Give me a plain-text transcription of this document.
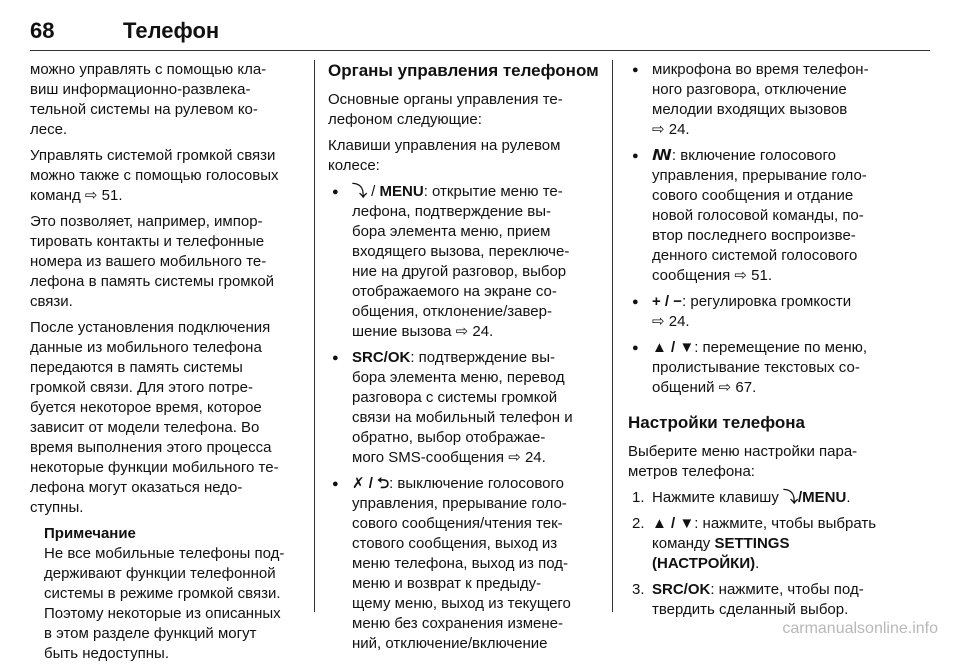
68	Телефон

можно управлять с помощью кла-
виш информационно-развлека-
тельной системы на рулевом ко-
лесе.

Управлять системой громкой связи
можно также с помощью голосовых
команд ⇨ 51.

Это позволяет, например, импор-
тировать контакты и телефонные
номера из вашего мобильного те-
лефона в память системы громкой
связи.

После установления подключения
данные из мобильного телефона
передаются в память системы
громкой связи. Для этого потре-
буется некоторое время, которое
зависит от модели телефона. Во
время выполнения этого процесса
некоторые функции мобильного те-
лефона могут оказаться недо-
ступны.

Примечание
Не все мобильные телефоны под-
держивают функции телефонной
системы в режиме громкой связи.
Поэтому некоторые из описанных
в этом разделе функций могут
быть недоступны.
Органы управления телефоном

Основные органы управления те-
лефоном следующие:

Клавиши управления на рулевом
колесе:

● ⤵ / MENU: открытие меню те-
лефона, подтверждение вы-
бора элемента меню, прием
входящего вызова, переключе-
ние на другой разговор, выбор
отображаемого на экране со-
общения, отклонение/завер-
шение вызова ⇨ 24.
● SRC/OK: подтверждение вы-
бора элемента меню, перевод
разговора с системы громкой
связи на мобильный телефон и
обратно, выбор отображае-
мого SMS-сообщения ⇨ 24.
● ✗ / ⮌: выключение голосового
управления, прерывание голо-
сового сообщения/чтения тек-
стового сообщения, выход из
меню телефона, выход из под-
меню и возврат к предыду-
щему меню, выход из текущего
меню без сохранения измене-
ний, отключение/включение
● микрофона во время телефон-
ного разговора, отключение
мелодии входящих вызовов
⇨ 24.
● ꟿ: включение голосового
управления, прерывание голо-
сового сообщения и отдание
новой голосовой команды, по-
втор последнего воспроизве-
денного системой голосового
сообщения ⇨ 51.
● + / −: регулировка громкости
⇨ 24.
● ▲ / ▼: перемещение по меню,
пролистывание текстовых со-
общений ⇨ 67.
Настройки телефона

Выберите меню настройки пара-
метров телефона:

1. Нажмите клавишу ⤵/MENU.
2. ▲ / ▼: нажмите, чтобы выбрать
команду SETTINGS
(НАСТРОЙКИ).
3. SRC/OK: нажмите, чтобы под-
твердить сделанный выбор.
carmanualsonline.info
